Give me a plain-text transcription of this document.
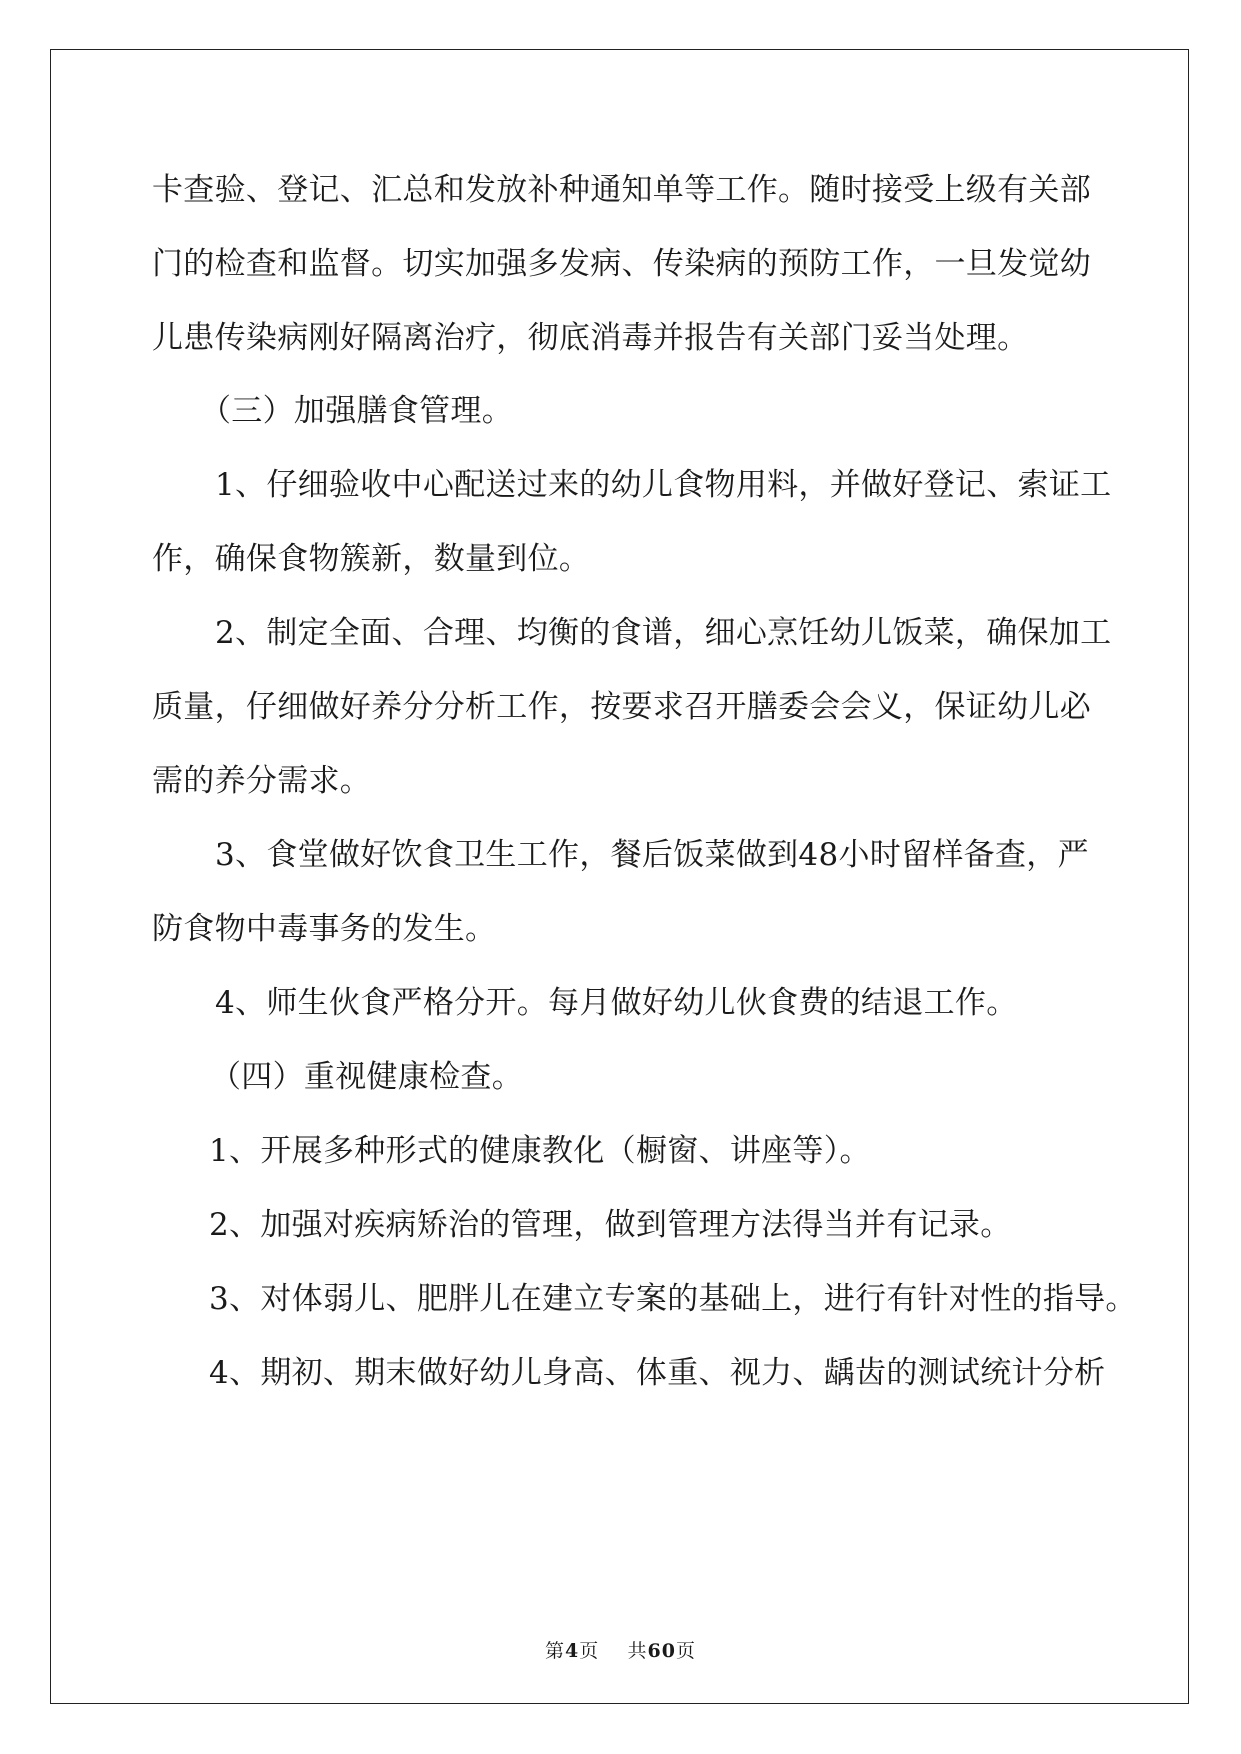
卡查验、登记、汇总和发放补种通知单等工作。随时接受上级有关部
门的检查和监督。切实加强多发病、传染病的预防工作，一旦发觉幼
儿患传染病刚好隔离治疗，彻底消毒并报告有关部门妥当处理。
（三）加强膳食管理。
1、仔细验收中心配送过来的幼儿食物用料，并做好登记、索证工
作，确保食物簇新，数量到位。
2、制定全面、合理、均衡的食谱，细心烹饪幼儿饭菜，确保加工
质量，仔细做好养分分析工作，按要求召开膳委会会义，保证幼儿必
需的养分需求。
3、食堂做好饮食卫生工作，餐后饭菜做到48小时留样备查，严
防食物中毒事务的发生。
4、师生伙食严格分开。每月做好幼儿伙食费的结退工作。
（四）重视健康检查。
1、开展多种形式的健康教化（橱窗、讲座等）。
2、加强对疾病矫治的管理，做到管理方法得当并有记录。
3、对体弱儿、肥胖儿在建立专案的基础上，进行有针对性的指导。
4、期初、期末做好幼儿身高、体重、视力、龋齿的测试统计分析
第4页 共60页
